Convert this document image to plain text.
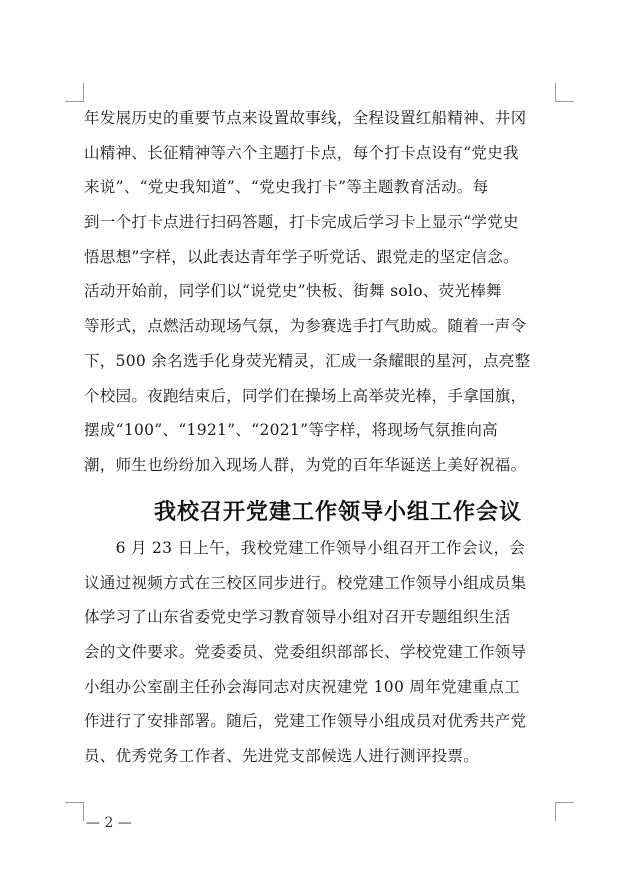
年发展历史的重要节点来设置故事线，全程设置红船精神、井冈
山精神、长征精神等六个主题打卡点，每个打卡点设有“党史我
来说”、“党史我知道”、“党史我打卡”等主题教育活动。每
到一个打卡点进行扫码答题，打卡完成后学习卡上显示“学党史
悟思想”字样，以此表达青年学子听党话、跟党走的坚定信念。
活动开始前，同学们以“说党史”快板、街舞 solo、荧光棒舞
等形式，点燃活动现场气氛，为参赛选手打气助威。随着一声令
下，500 余名选手化身荧光精灵，汇成一条耀眼的星河，点亮整
个校园。夜跑结束后，同学们在操场上高举荧光棒，手拿国旗，
摆成“100”、“1921”、“2021”等字样，将现场气氛推向高
潮，师生也纷纷加入现场人群，为党的百年华诞送上美好祝福。
我校召开党建工作领导小组工作会议
　　6 月 23 日上午，我校党建工作领导小组召开工作会议，会
议通过视频方式在三校区同步进行。校党建工作领导小组成员集
体学习了山东省委党史学习教育领导小组对召开专题组织生活
会的文件要求。党委委员、党委组织部部长、学校党建工作领导
小组办公室副主任孙会海同志对庆祝建党 100 周年党建重点工
作进行了安排部署。随后，党建工作领导小组成员对优秀共产党
员、优秀党务工作者、先进党支部候选人进行测评投票。
— 2 —
